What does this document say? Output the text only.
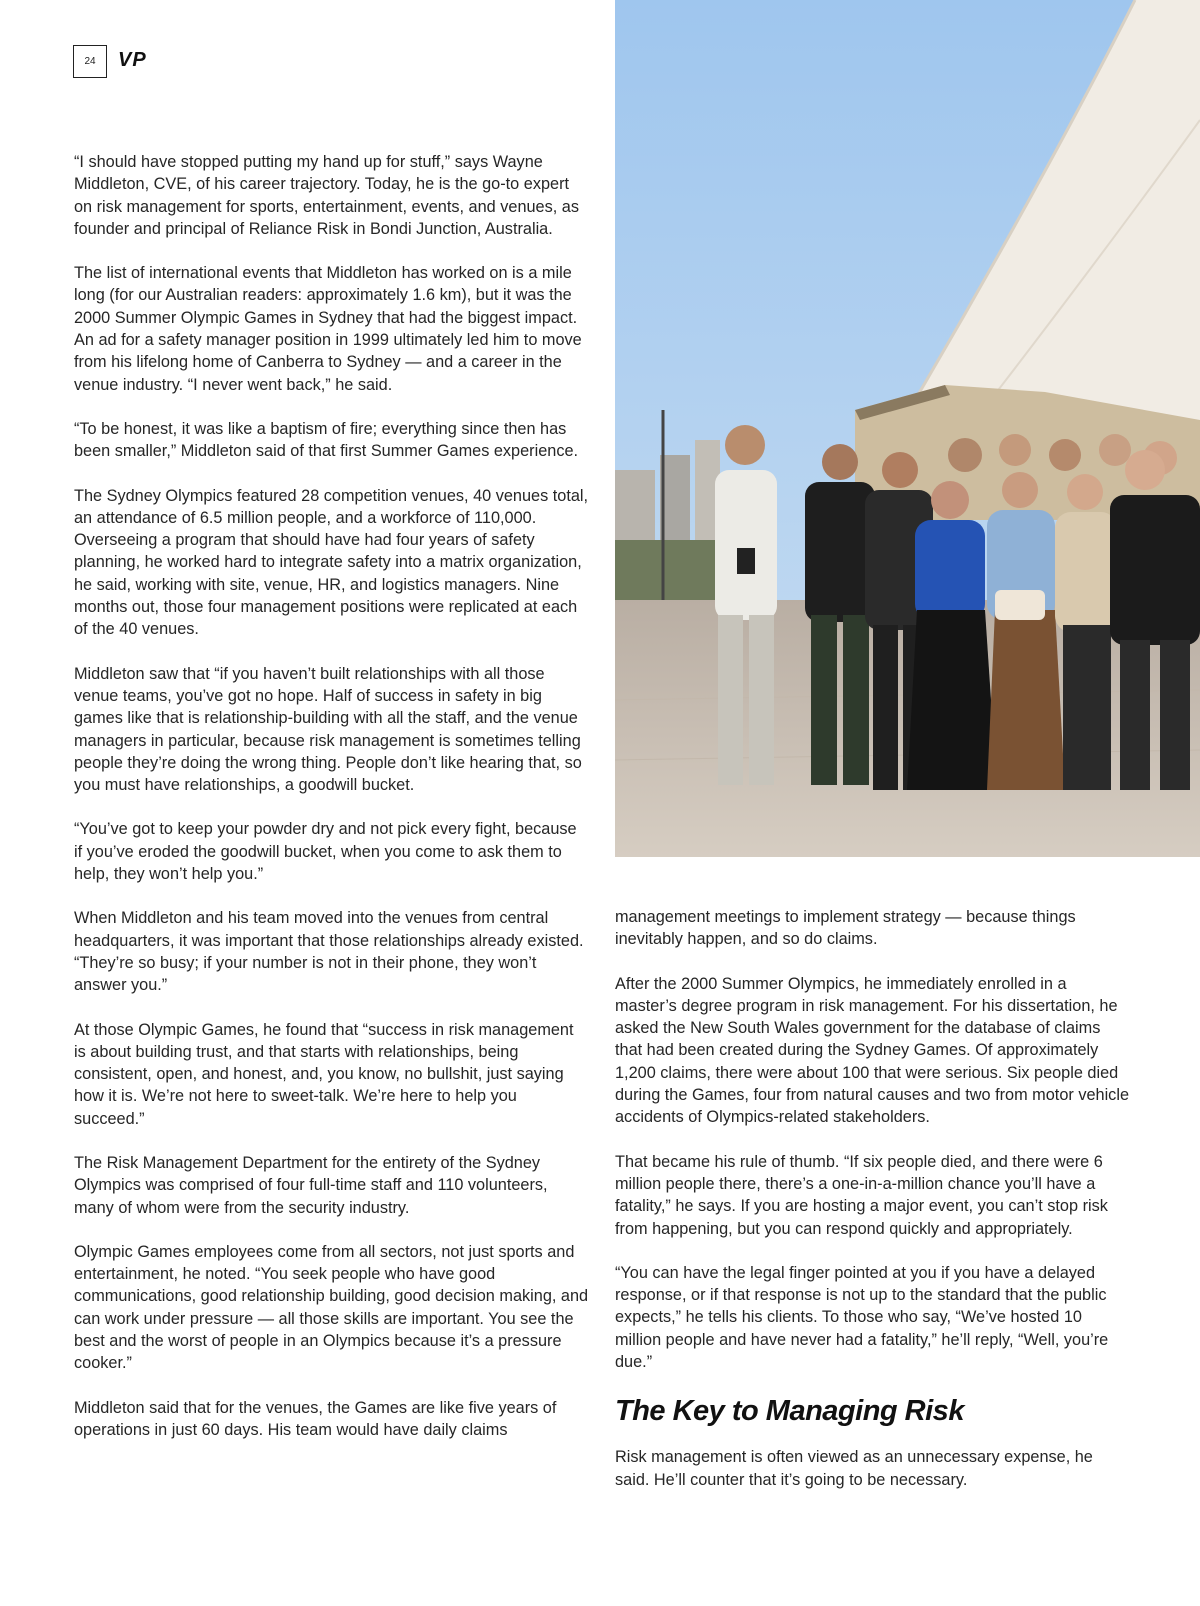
24 VP

“I should have stopped putting my hand up for stuff,” says Wayne Middleton, CVE, of his career trajectory. Today, he is the go-to expert on risk management for sports, entertainment, events, and venues, as founder and principal of Reliance Risk in Bondi Junction, Australia.

The list of international events that Middleton has worked on is a mile long (for our Australian readers: approximately 1.6 km), but it was the 2000 Summer Olympic Games in Sydney that had the biggest impact. An ad for a safety manager position in 1999 ultimately led him to move from his lifelong home of Canberra to Sydney — and a career in the venue industry. “I never went back,” he said.

“To be honest, it was like a baptism of fire; everything since then has been smaller,” Middleton said of that first Summer Games experience.

The Sydney Olympics featured 28 competition venues, 40 venues total, an attendance of 6.5 million people, and a workforce of 110,000. Overseeing a program that should have had four years of safety planning, he worked hard to integrate safety into a matrix organization, he said, working with site, venue, HR, and logistics managers. Nine months out, those four management positions were replicated at each of the 40 venues.

Middleton saw that “if you haven’t built relationships with all those venue teams, you’ve got no hope. Half of success in safety in big games like that is relationship-building with all the staff, and the venue managers in particular, because risk management is sometimes telling people they’re doing the wrong thing. People don’t like hearing that, so you must have relationships, a goodwill bucket.

“You’ve got to keep your powder dry and not pick every fight, because if you’ve eroded the goodwill bucket, when you come to ask them to help, they won’t help you.”

When Middleton and his team moved into the venues from central headquarters, it was important that those relationships already existed. “They’re so busy; if your number is not in their phone, they won’t answer you.”

At those Olympic Games, he found that “success in risk management is about building trust, and that starts with relationships, being consistent, open, and honest, and, you know, no bullshit, just saying how it is. We’re not here to sweet-talk. We’re here to help you succeed.”

The Risk Management Department for the entirety of the Sydney Olympics was comprised of four full-time staff and 110 volunteers, many of whom were from the security industry.

Olympic Games employees come from all sectors, not just sports and entertainment, he noted. “You seek people who have good communications, good relationship building, good decision making, and can work under pressure — all those skills are important. You see the best and the worst of people in an Olympics because it’s a pressure cooker.”

Middleton said that for the venues, the Games are like five years of operations in just 60 days. His team would have daily claims

management meetings to implement strategy — because things inevitably happen, and so do claims.

After the 2000 Summer Olympics, he immediately enrolled in a master’s degree program in risk management. For his dissertation, he asked the New South Wales government for the database of claims that had been created during the Sydney Games. Of approximately 1,200 claims, there were about 100 that were serious. Six people died during the Games, four from natural causes and two from motor vehicle accidents of Olympics-related stakeholders.

That became his rule of thumb. “If six people died, and there were 6 million people there, there’s a one-in-a-million chance you’ll have a fatality,” he says. If you are hosting a major event, you can’t stop risk from happening, but you can respond quickly and appropriately.

“You can have the legal finger pointed at you if you have a delayed response, or if that response is not up to the standard that the public expects,” he tells his clients. To those who say, “We’ve hosted 10 million people and have never had a fatality,” he’ll reply, “Well, you’re due.”

The Key to Managing Risk

Risk management is often viewed as an unnecessary expense, he said. He’ll counter that it’s going to be necessary.
